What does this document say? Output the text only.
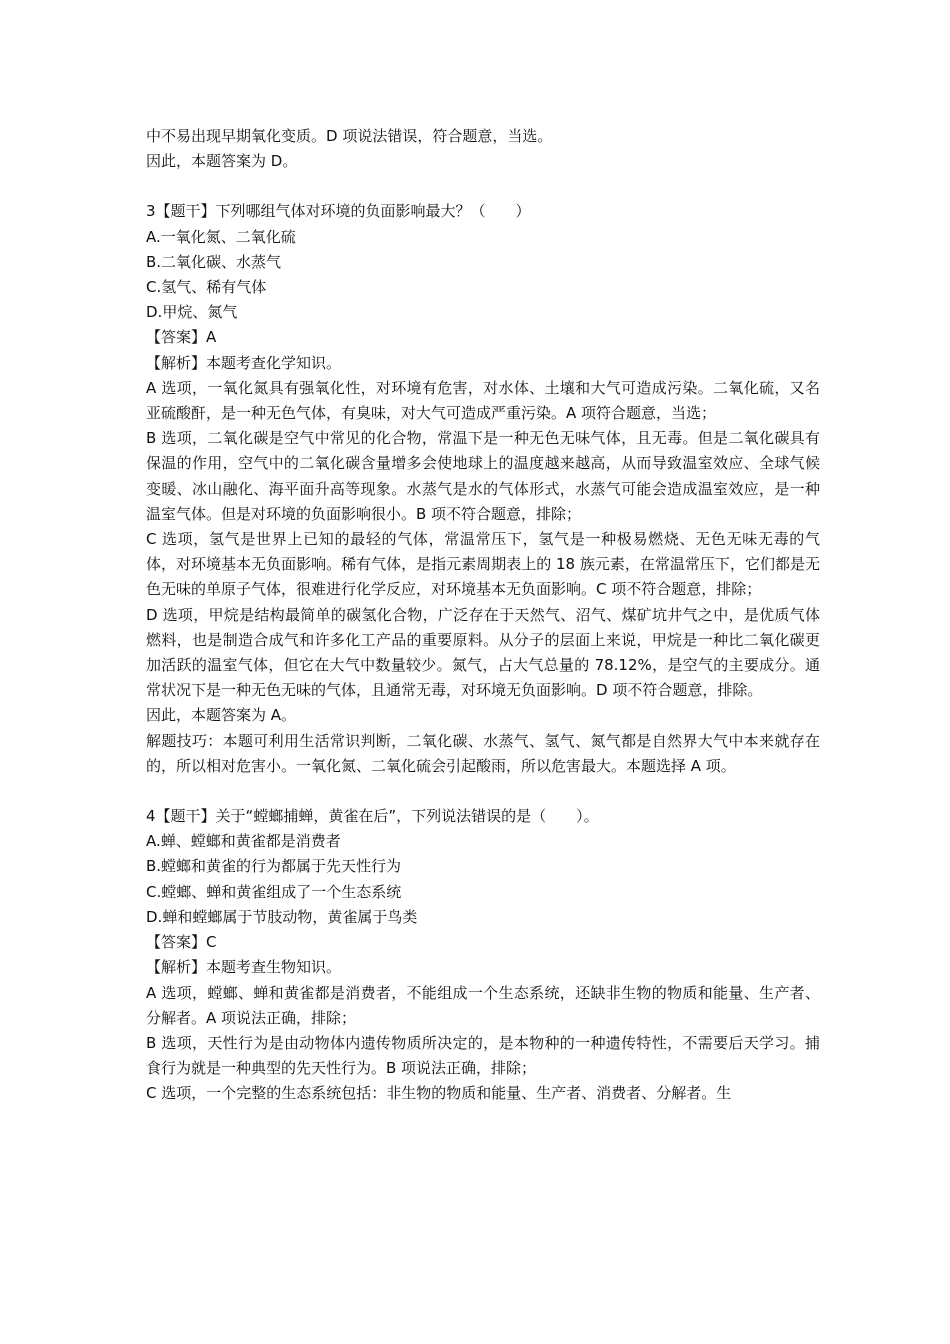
中不易出现早期氧化变质。D 项说法错误，符合题意，当选。

因此，本题答案为 D。

3【题干】下列哪组气体对环境的负面影响最大？（　　）

A.一氧化氮、二氧化硫

B.二氧化碳、水蒸气

C.氢气、稀有气体

D.甲烷、氮气

【答案】A

【解析】本题考查化学知识。

A 选项，一氧化氮具有强氧化性，对环境有危害，对水体、土壤和大气可造成污染。二氧化硫，又名亚硫酸酐，是一种无色气体，有臭味，对大气可造成严重污染。A 项符合题意，当选；

B 选项，二氧化碳是空气中常见的化合物，常温下是一种无色无味气体，且无毒。但是二氧化碳具有保温的作用，空气中的二氧化碳含量增多会使地球上的温度越来越高，从而导致温室效应、全球气候变暖、冰山融化、海平面升高等现象。水蒸气是水的气体形式，水蒸气可能会造成温室效应，是一种温室气体。但是对环境的负面影响很小。B 项不符合题意，排除；

C 选项，氢气是世界上已知的最轻的气体，常温常压下，氢气是一种极易燃烧、无色无味无毒的气体，对环境基本无负面影响。稀有气体，是指元素周期表上的 18 族元素，在常温常压下，它们都是无色无味的单原子气体，很难进行化学反应，对环境基本无负面影响。C 项不符合题意，排除；

D 选项，甲烷是结构最简单的碳氢化合物，广泛存在于天然气、沼气、煤矿坑井气之中，是优质气体燃料，也是制造合成气和许多化工产品的重要原料。从分子的层面上来说，甲烷是一种比二氧化碳更加活跃的温室气体，但它在大气中数量较少。氮气，占大气总量的 78.12%，是空气的主要成分。通常状况下是一种无色无味的气体，且通常无毒，对环境无负面影响。D 项不符合题意，排除。

因此，本题答案为 A。

解题技巧：本题可利用生活常识判断，二氧化碳、水蒸气、氢气、氮气都是自然界大气中本来就存在的，所以相对危害小。一氧化氮、二氧化硫会引起酸雨，所以危害最大。本题选择 A 项。

4【题干】关于“螳螂捕蝉，黄雀在后”，下列说法错误的是（　　）。

A.蝉、螳螂和黄雀都是消费者

B.螳螂和黄雀的行为都属于先天性行为

C.螳螂、蝉和黄雀组成了一个生态系统

D.蝉和螳螂属于节肢动物，黄雀属于鸟类

【答案】C

【解析】本题考查生物知识。

A 选项，螳螂、蝉和黄雀都是消费者，不能组成一个生态系统，还缺非生物的物质和能量、生产者、分解者。A 项说法正确，排除；

B 选项，天性行为是由动物体内遗传物质所决定的，是本物种的一种遗传特性，不需要后天学习。捕食行为就是一种典型的先天性行为。B 项说法正确，排除；

C 选项，一个完整的生态系统包括：非生物的物质和能量、生产者、消费者、分解者。生
